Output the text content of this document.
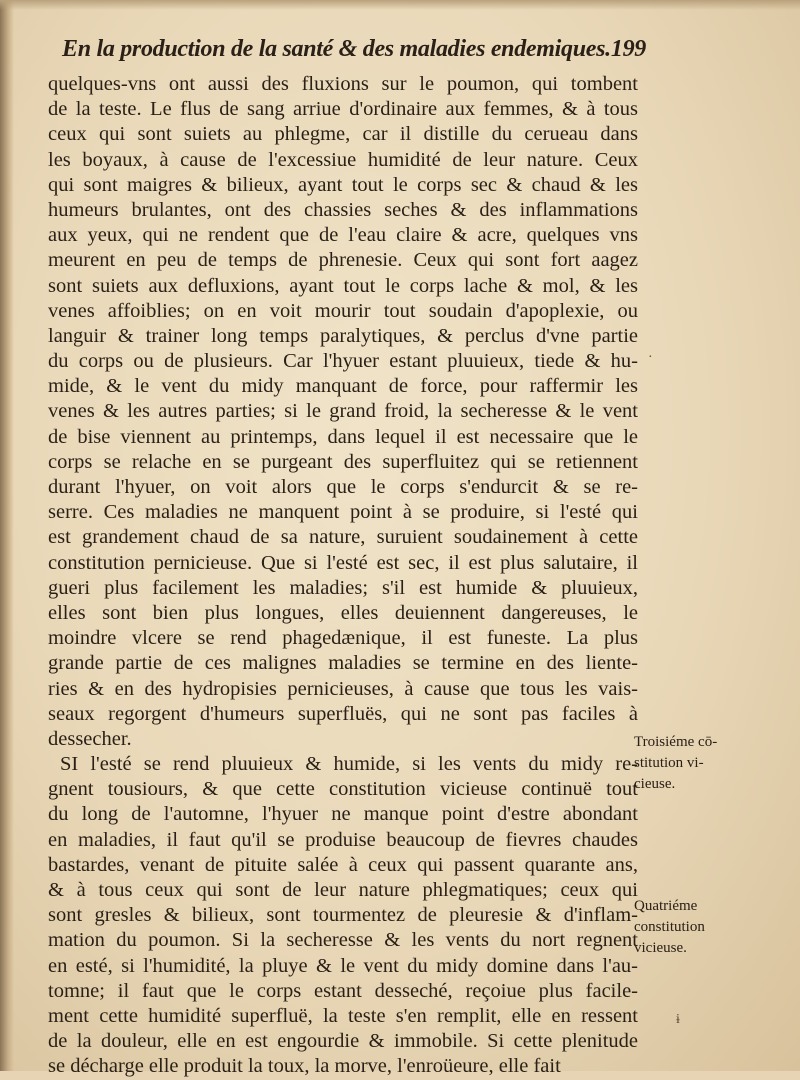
En la production de la santé & des maladies endemiques. 199
quelques-vns ont aussi des fluxions sur le poumon, qui tombent
de la teste. Le flus de sang arriue d'ordinaire aux femmes, & à tous
ceux qui sont suiets au phlegme, car il distille du cerueau dans
les boyaux, à cause de l'excessiue humidité de leur nature. Ceux
qui sont maigres & bilieux, ayant tout le corps sec & chaud & les
humeurs brulantes, ont des chassies seches & des inflammations
aux yeux, qui ne rendent que de l'eau claire & acre, quelques vns
meurent en peu de temps de phrenesie. Ceux qui sont fort aagez
sont suiets aux defluxions, ayant tout le corps lache & mol, & les
venes affoiblies; on en voit mourir tout soudain d'apoplexie, ou
languir & trainer long temps paralytiques, & perclus d'vne partie
du corps ou de plusieurs. Car l'hyuer estant pluuieux, tiede & hu-
mide, & le vent du midy manquant de force, pour raffermir les
venes & les autres parties; si le grand froid, la secheresse & le vent
de bise viennent au printemps, dans lequel il est necessaire que le
corps se relache en se purgeant des superfluitez qui se retiennent
durant l'hyuer, on voit alors que le corps s'endurcit & se re-
serre. Ces maladies ne manquent point à se produire, si l'esté qui
est grandement chaud de sa nature, suruient soudainement à cette
constitution pernicieuse. Que si l'esté est sec, il est plus salutaire, il
gueri plus facilement les maladies; s'il est humide & pluuieux,
elles sont bien plus longues, elles deuiennent dangereuses, le
moindre vlcere se rend phagedænique, il est funeste. La plus
grande partie de ces malignes maladies se termine en des liente-
ries & en des hydropisies pernicieuses, à cause que tous les vais-
seaux regorgent d'humeurs superfluës, qui ne sont pas faciles à
dessecher.
SI l'esté se rend pluuieux & humide, si les vents du midy re-
gnent tousiours, & que cette constitution vicieuse continuë tout
du long de l'automne, l'hyuer ne manque point d'estre abondant
en maladies, il faut qu'il se produise beaucoup de fievres chaudes
bastardes, venant de pituite salée à ceux qui passent quarante ans,
& à tous ceux qui sont de leur nature phlegmatiques; ceux qui
sont gresles & bilieux, sont tourmentez de pleuresie & d'inflam-
mation du poumon. Si la secheresse & les vents du nort regnent
en esté, si l'humidité, la pluye & le vent du midy domine dans l'au-
tomne; il faut que le corps estant desseché, reçoiue plus facile-
ment cette humidité superfluë, la teste s'en remplit, elle en ressent
de la douleur, elle en est engourdie & immobile. Si cette plenitude
se décharge elle produit la toux, la morve, l'enroüeure, elle fait
Troisiéme cō-
stitution vi-
cieuse.
Quatriéme
constitution
vicieuse.
·
ɨ
